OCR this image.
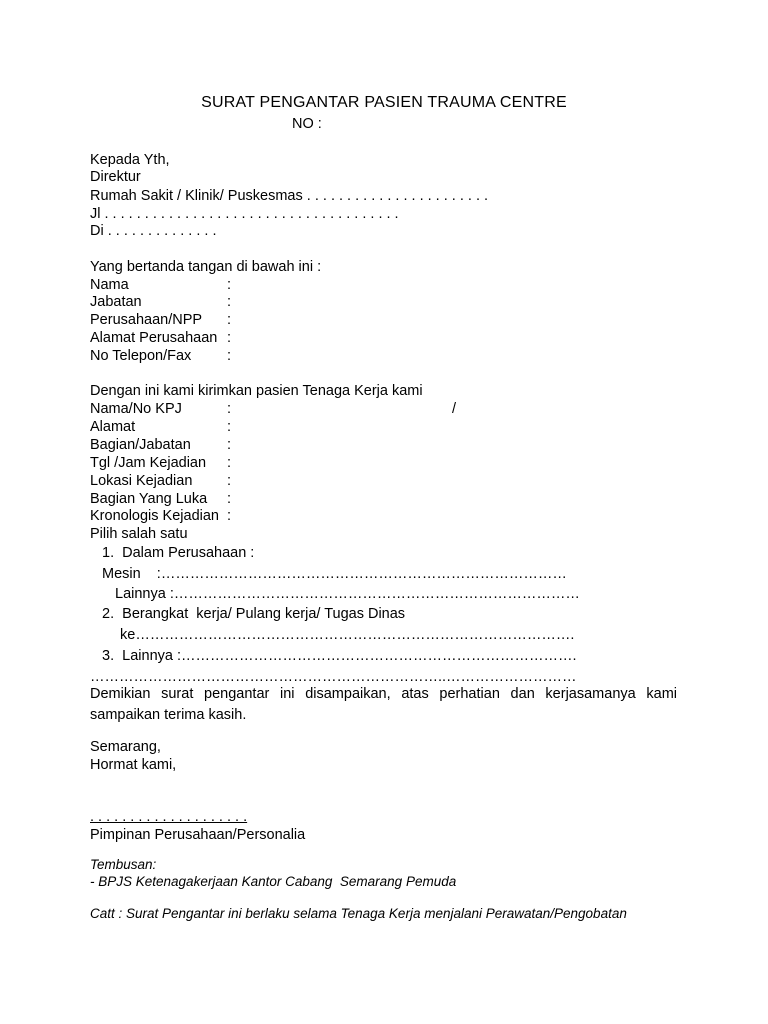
SURAT PENGANTAR PASIEN TRAUMA CENTRE
NO :
Kepada Yth,
Direktur
Rumah Sakit / Klinik/ Puskesmas . . . . . . . . . . . . . . . . . . . . . . .
Jl . . . . . . . . . . . . . . . . . . . . . . . . . . . . . . . . . . . . .
Di . . . . . . . . . . . . . .
Yang bertanda tangan di bawah ini :
Nama	:
Jabatan	:
Perusahaan/NPP :
Alamat Perusahaan :
No Telepon/Fax :
Dengan ini kami kirimkan pasien Tenaga Kerja kami
Nama/No KPJ	:	/
Alamat	:
Bagian/Jabatan :
Tgl /Jam Kejadian :
Lokasi Kejadian :
Bagian Yang Luka :
Kronologis Kejadian :
Pilih salah satu
1.  Dalam Perusahaan :
Mesin    :…………………………………………………………………………
Lainnya :…………………………………………………………………………
2.  Berangkat  kerja/ Pulang kerja/ Tugas Dinas
ke……………………………………………………………………………….
3.  Lainnya :……………………………………………………………………….
………………………………………………………………..………………………
Demikian surat pengantar ini disampaikan, atas perhatian dan kerjasamanya kami sampaikan terima kasih.
Semarang,
Hormat kami,
. . . . . . . . . . . . . . . . . . . .
Pimpinan Perusahaan/Personalia
Tembusan:
- BPJS Ketenagakerjaan Kantor Cabang  Semarang Pemuda
Catt : Surat Pengantar ini berlaku selama Tenaga Kerja menjalani Perawatan/Pengobatan
